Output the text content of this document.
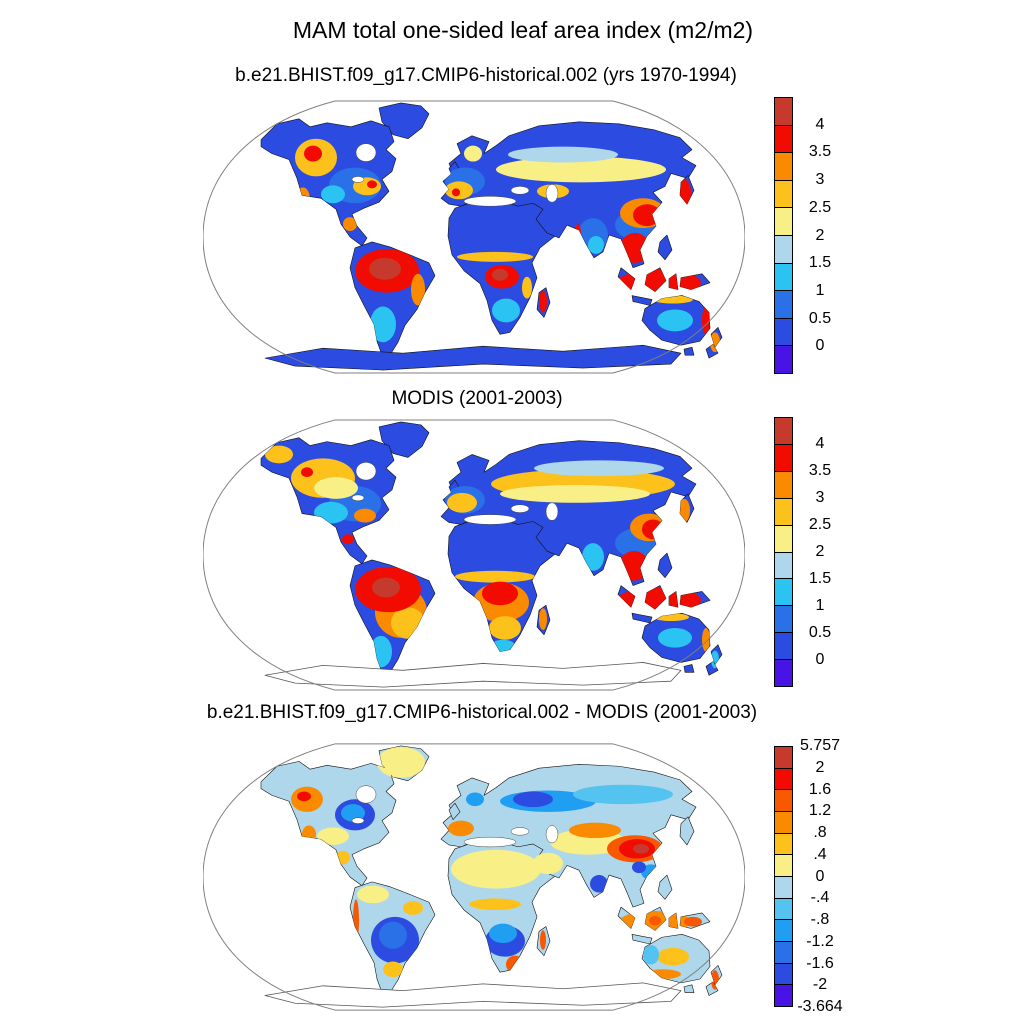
MAM total one-sided leaf area index (m2/m2)
b.e21.BHIST.f09_g17.CMIP6-historical.002 (yrs 1970-1994)
4
3.5
3
2.5
2
1.5
1
0.5
0
MODIS (2001-2003)
4
3.5
3
2.5
2
1.5
1
0.5
0
b.e21.BHIST.f09_g17.CMIP6-historical.002 - MODIS (2001-2003)
5.757
2
1.6
1.2
.8
.4
0
-.4
-.8
-1.2
-1.6
-2
-3.664
